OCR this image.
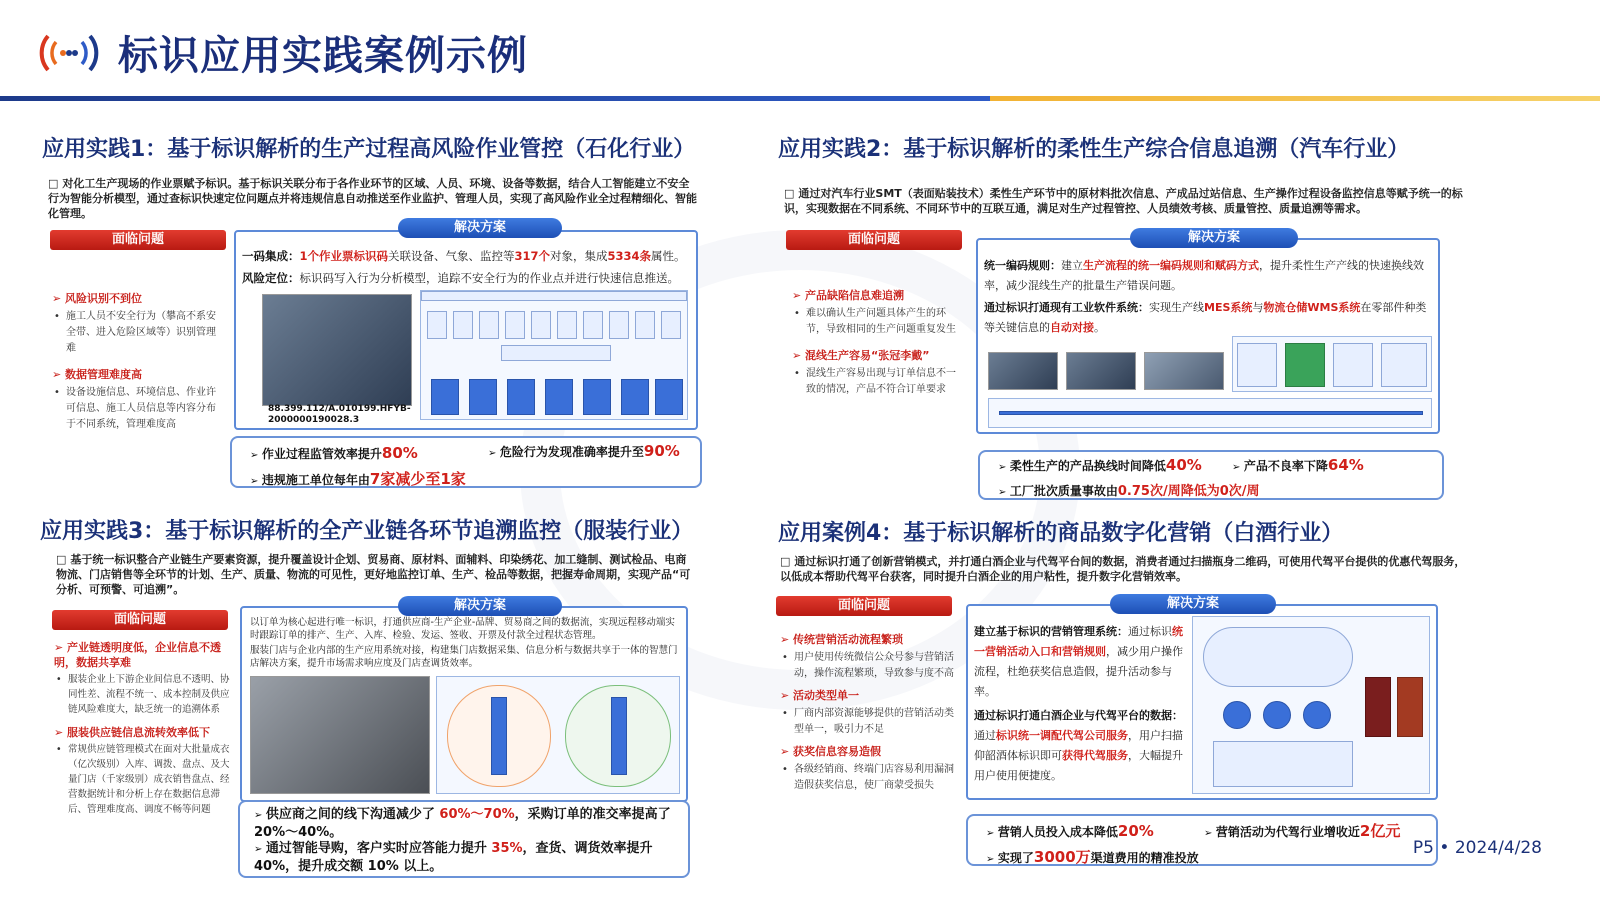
标识应用实践案例示例
应用实践1：基于标识解析的生产过程高风险作业管控（石化行业）
□ 对化工生产现场的作业票赋予标识。基于标识关联分布于各作业环节的区域、人员、环境、设备等数据，结合人工智能建立不安全行为智能分析模型，通过查标识快速定位问题点并将违规信息自动推送至作业监护、管理人员，实现了高风险作业全过程精细化、智能化管理。
面临问题
➢ 风险识别不到位
• 施工人员不安全行为（攀高不系安全带、进入危险区域等）识别管理难
➢ 数据管理难度高
• 设备设施信息、环境信息、作业许可信息、施工人员信息等内容分布于不同系统，管理难度高
解决方案
一码集成：1个作业票标识码关联设备、气象、监控等317个对象，集成5334条属性。
风险定位：标识码写入行为分析模型，追踪不安全行为的作业点并进行快速信息推送。
88.399.112/A.010199.HFYB-2000000190028.3
➢ 作业过程监管效率提升80%	➢ 危险行为发现准确率提升至90%
➢ 违规施工单位每年由7家减少至1家
应用实践2：基于标识解析的柔性生产综合信息追溯（汽车行业）
□ 通过对汽车行业SMT（表面贴装技术）柔性生产环节中的原材料批次信息、产成品过站信息、生产操作过程设备监控信息等赋予统一的标识，实现数据在不同系统、不同环节中的互联互通，满足对生产过程管控、人员绩效考核、质量管控、质量追溯等需求。
面临问题
➢ 产品缺陷信息难追溯
• 难以确认生产问题具体产生的环节，导致相同的生产问题重复发生
➢ 混线生产容易“张冠李戴”
• 混线生产容易出现与订单信息不一致的情况，产品不符合订单要求
解决方案
统一编码规则：建立生产流程的统一编码规则和赋码方式，提升柔性生产产线的快速换线效率，减少混线生产的批量生产错误问题。
通过标识打通现有工业软件系统：实现生产线MES系统与物流仓储WMS系统在零部件种类等关键信息的自动对接。
➢ 柔性生产的产品换线时间降低40%	➢ 产品不良率下降64%
➢ 工厂批次质量事故由0.75次/周降低为0次/周
应用实践3：基于标识解析的全产业链各环节追溯监控（服装行业）
□ 基于统一标识整合产业链生产要素资源，提升覆盖设计企划、贸易商、原材料、面辅料、印染绣花、加工缝制、测试检品、电商物流、门店销售等全环节的计划、生产、质量、物流的可见性，更好地监控订单、生产、检品等数据，把握寿命周期，实现产品“可分析、可预警、可追溯”。
面临问题
➢ 产业链透明度低，企业信息不透明，数据共享难
• 服装企业上下游企业间信息不透明、协同性差、流程不统一、成本控制及供应链风险难度大，缺乏统一的追溯体系
➢ 服装供应链信息流转效率低下
• 常规供应链管理模式在面对大批量成衣（亿次级别）入库、调拨、盘点、及大量门店（千家级别）成衣销售盘点、经营数据统计和分析上存在数据信息滞后、管理难度高、调度不畅等问题
解决方案
以订单为核心起进行唯一标识，打通供应商-生产企业-品牌、贸易商之间的数据流，实现远程移动端实时跟踪订单的排产、生产、入库、检验、发运、签收、开票及付款全过程状态管理。
服装门店与企业内部的生产应用系统对接，构建集门店数据采集、信息分析与数据共享于一体的智慧门店解决方案，提升市场需求响应度及门店查调货效率。
➢ 供应商之间的线下沟通减少了 60%～70%，采购订单的准交率提高了20%～40%。
➢ 通过智能导购，客户实时应答能力提升 35%，查货、调货效率提升 40%，提升成交额 10% 以上。
应用案例4：基于标识解析的商品数字化营销（白酒行业）
□ 通过标识打通了创新营销模式，并打通白酒企业与代驾平台间的数据，消费者通过扫描瓶身二维码，可使用代驾平台提供的优惠代驾服务，以低成本帮助代驾平台获客，同时提升白酒企业的用户粘性，提升数字化营销效率。
面临问题
➢ 传统营销活动流程繁琐
• 用户使用传统微信公众号参与营销活动，操作流程繁琐，导致参与度不高
➢ 活动类型单一
• 厂商内部资源能够提供的营销活动类型单一，吸引力不足
➢ 获奖信息容易造假
• 各级经销商、终端门店容易利用漏洞造假获奖信息，使厂商蒙受损失
解决方案
建立基于标识的营销管理系统：通过标识统一营销活动入口和营销规则，减少用户操作流程，杜绝获奖信息造假，提升活动参与率。
通过标识打通白酒企业与代驾平台的数据：通过标识统一调配代驾公司服务，用户扫描仰韶酒体标识即可获得代驾服务，大幅提升用户使用便捷度。
➢ 营销人员投入成本降低20%	➢ 营销活动为代驾行业增收近2亿元
➢ 实现了3000万渠道费用的精准投放	P5 • 2024/4/28
